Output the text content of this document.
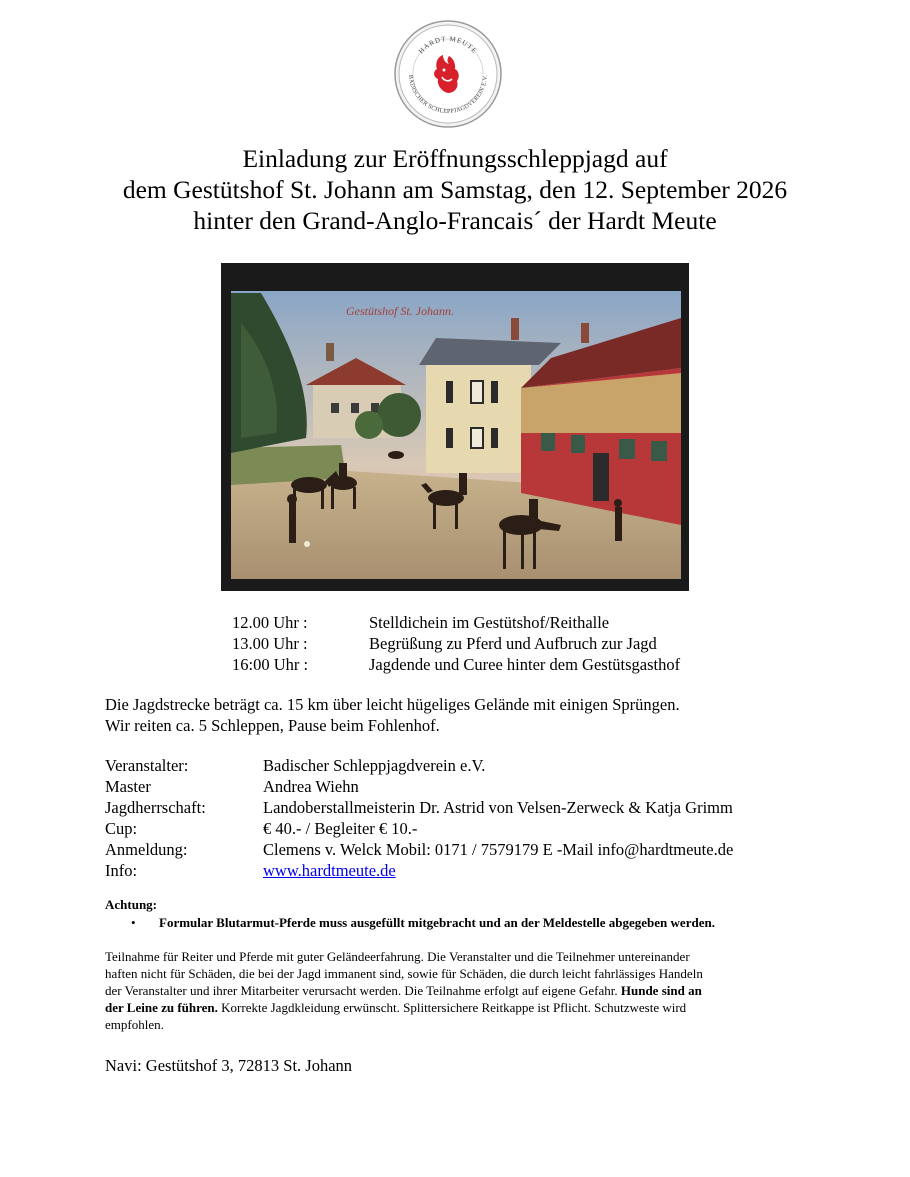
HARDT MEUTE
BADISCHER SCHLEPPJAGDVEREIN E.V.
Einladung zur Eröffnungsschleppjagd auf
dem Gestütshof St. Johann am Samstag, den 12. September 2026
hinter den Grand-Anglo-Francais´ der Hardt Meute
Gestütshof St. Johann.
12.00 Uhr :	Stelldichein im Gestütshof/Reithalle
13.00 Uhr :	Begrüßung zu Pferd und Aufbruch zur Jagd
16:00 Uhr :	Jagdende und Curee hinter dem Gestütsgasthof
Die Jagdstrecke beträgt ca. 15 km über leicht hügeliges Gelände mit einigen Sprüngen.
Wir reiten ca. 5 Schleppen, Pause beim Fohlenhof.
Veranstalter:	Badischer Schleppjagdverein e.V.
Master	Andrea Wiehn
Jagdherrschaft:	Landoberstallmeisterin Dr. Astrid von Velsen-Zerweck & Katja Grimm
Cup:	€ 40.- / Begleiter € 10.-
Anmeldung:	Clemens v. Welck Mobil: 0171 / 7579179 E -Mail info@hardtmeute.de
Info:	www.hardtmeute.de
Achtung:
•	Formular Blutarmut-Pferde muss ausgefüllt mitgebracht und an der Meldestelle abgegeben werden.
Teilnahme für Reiter und Pferde mit guter Geländeerfahrung. Die Veranstalter und die Teilnehmer untereinander
haften nicht für Schäden, die bei der Jagd immanent sind, sowie für Schäden, die durch leicht fahrlässiges Handeln
der Veranstalter und ihrer Mitarbeiter verursacht werden. Die Teilnahme erfolgt auf eigene Gefahr. Hunde sind an
der Leine zu führen. Korrekte Jagdkleidung erwünscht. Splittersichere Reitkappe ist Pflicht. Schutzweste wird
empfohlen.
Navi: Gestütshof 3, 72813 St. Johann
